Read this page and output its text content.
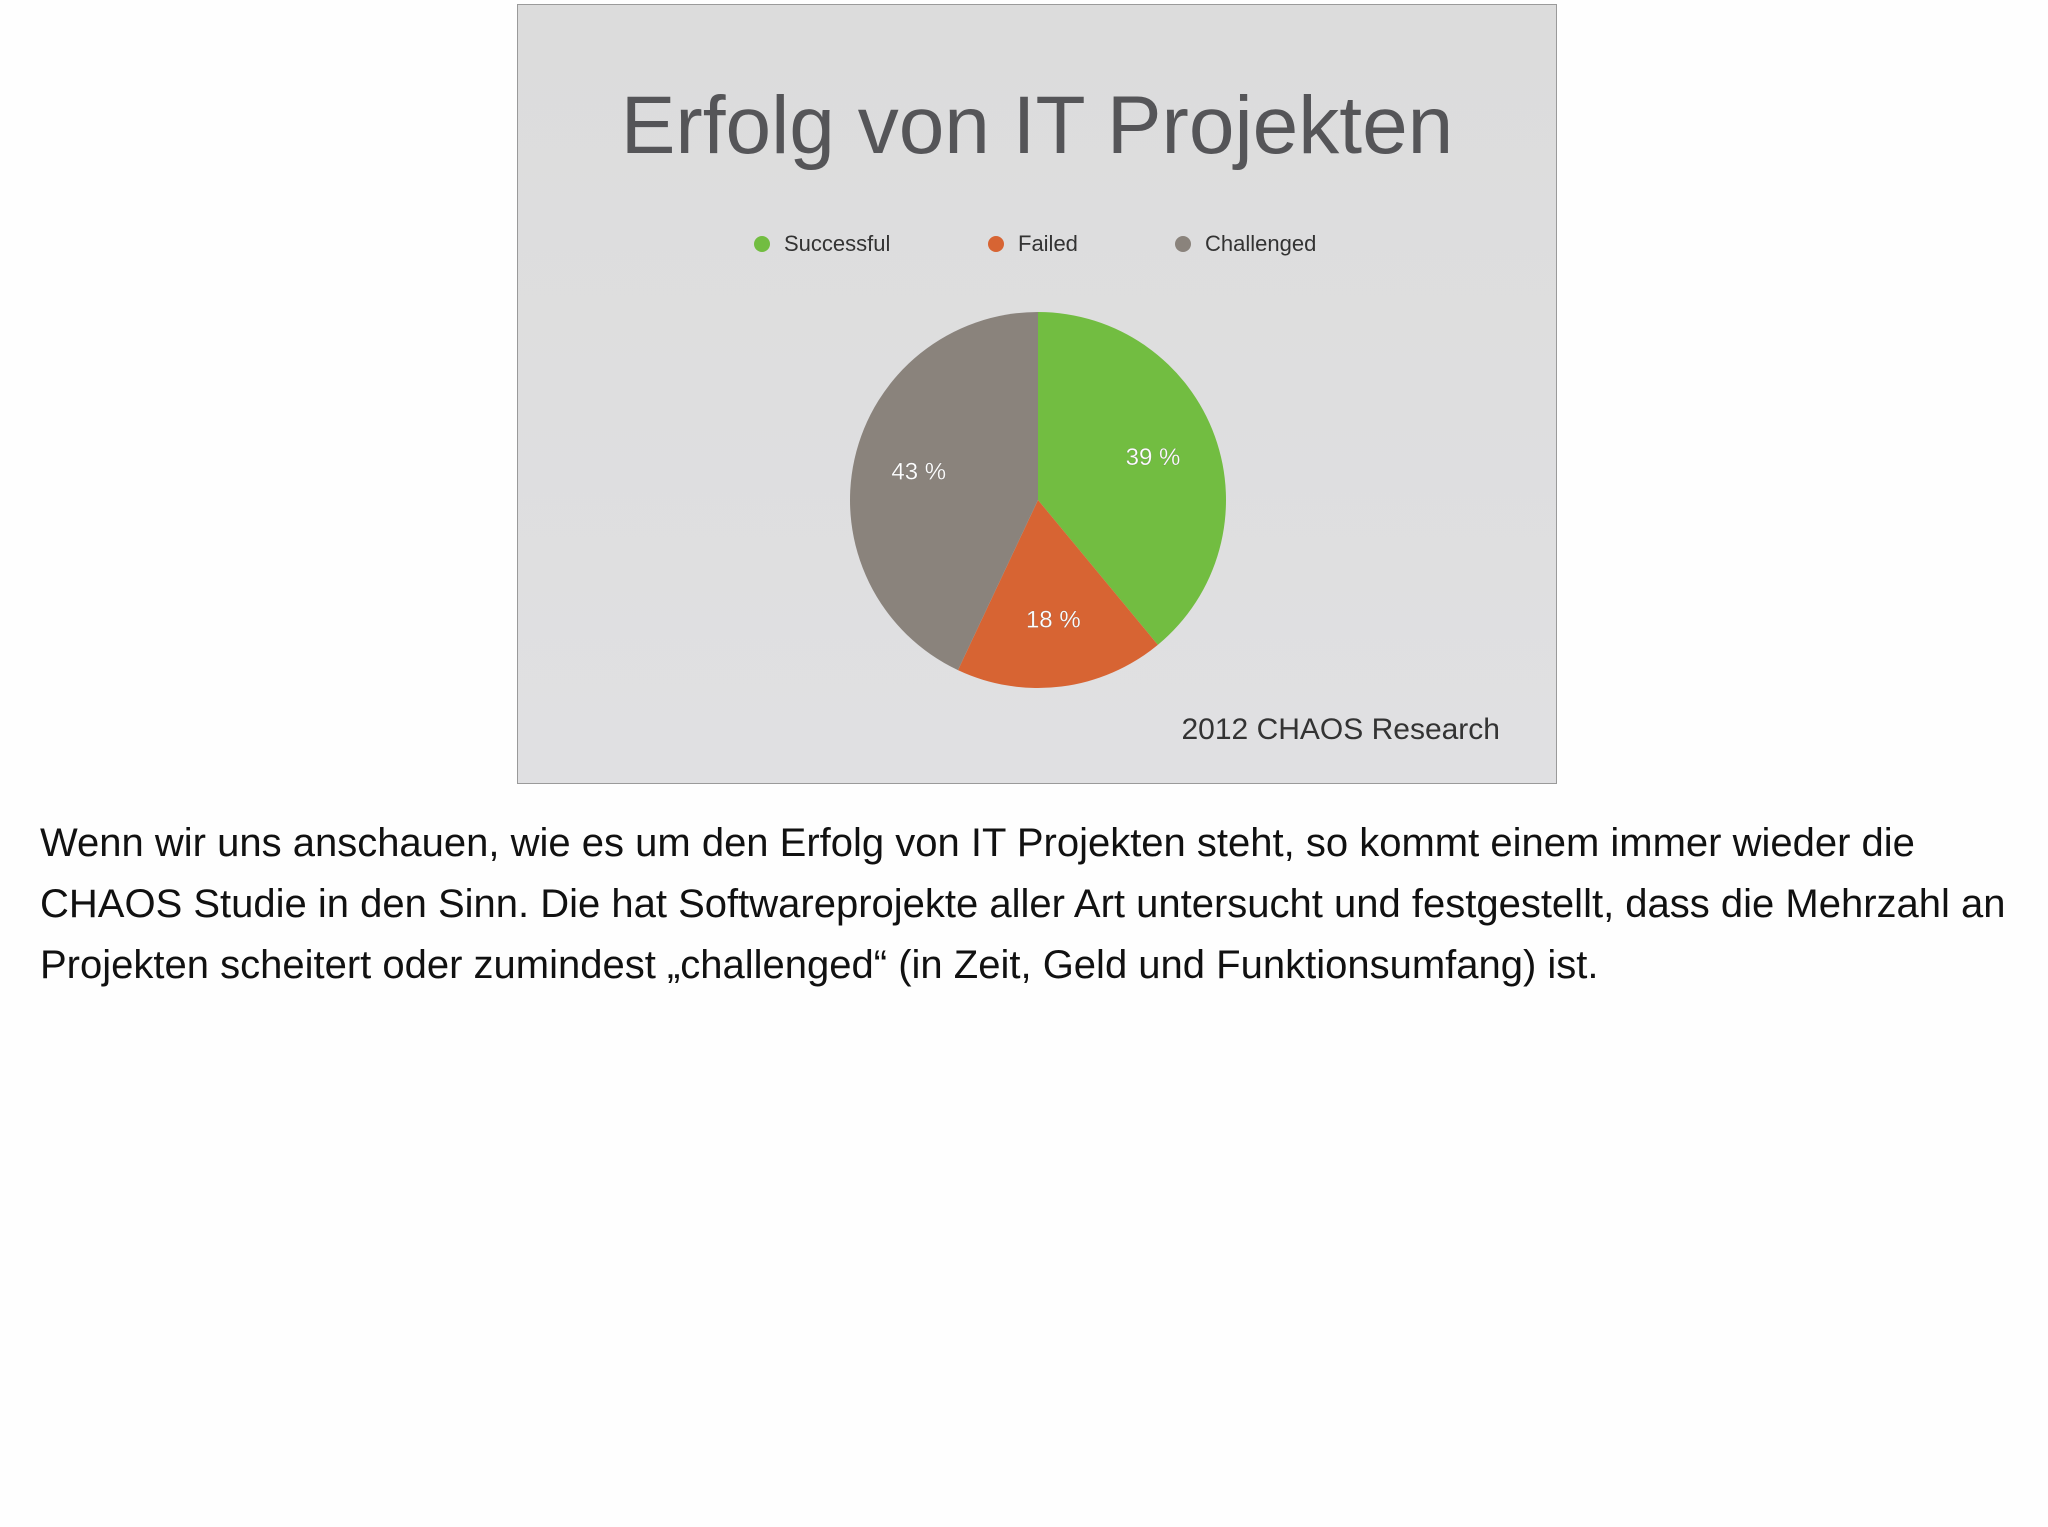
Erfolg von IT Projekten
Successful	Failed	Challenged
39 %
18 %
43 %
2012 CHAOS Research

Wenn wir uns anschauen, wie es um den Erfolg von IT Projekten steht, so kommt einem immer wieder die CHAOS Studie in den Sinn. Die hat Softwareprojekte aller Art untersucht und festgestellt, dass die Mehrzahl an Projekten scheitert oder zumindest „challenged“ (in Zeit, Geld und Funktionsumfang) ist.
